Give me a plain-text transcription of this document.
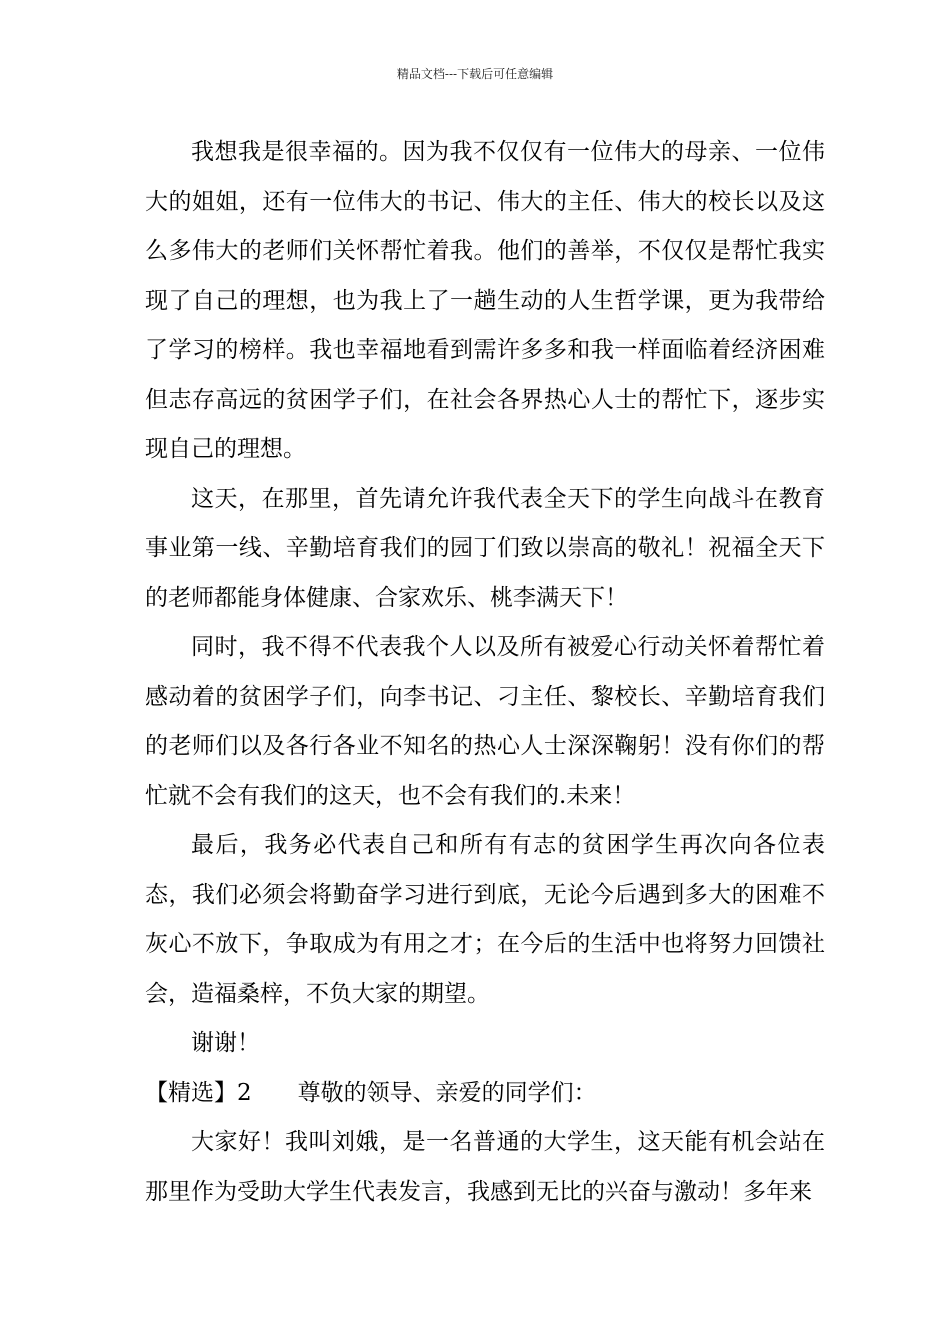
精品文档---下载后可任意编辑

我想我是很幸福的。因为我不仅仅有一位伟大的母亲、一位伟大的姐姐，还有一位伟大的书记、伟大的主任、伟大的校长以及这么多伟大的老师们关怀帮忙着我。他们的善举，不仅仅是帮忙我实现了自己的理想，也为我上了一趟生动的人生哲学课，更为我带给了学习的榜样。我也幸福地看到需许多多和我一样面临着经济困难但志存高远的贫困学子们，在社会各界热心人士的帮忙下，逐步实现自己的理想。

这天，在那里，首先请允许我代表全天下的学生向战斗在教育事业第一线、辛勤培育我们的园丁们致以崇高的敬礼！祝福全天下的老师都能身体健康、合家欢乐、桃李满天下！

同时，我不得不代表我个人以及所有被爱心行动关怀着帮忙着感动着的贫困学子们，向李书记、刁主任、黎校长、辛勤培育我们的老师们以及各行各业不知名的热心人士深深鞠躬！没有你们的帮忙就不会有我们的这天，也不会有我们的.未来！

最后，我务必代表自己和所有有志的贫困学生再次向各位表态，我们必须会将勤奋学习进行到底，无论今后遇到多大的困难不灰心不放下，争取成为有用之才；在今后的生活中也将努力回馈社会，造福桑梓，不负大家的期望。

谢谢！

【精选】2 尊敬的领导、亲爱的同学们：

大家好！我叫刘娥，是一名普通的大学生，这天能有机会站在那里作为受助大学生代表发言，我感到无比的兴奋与激动！多年来
